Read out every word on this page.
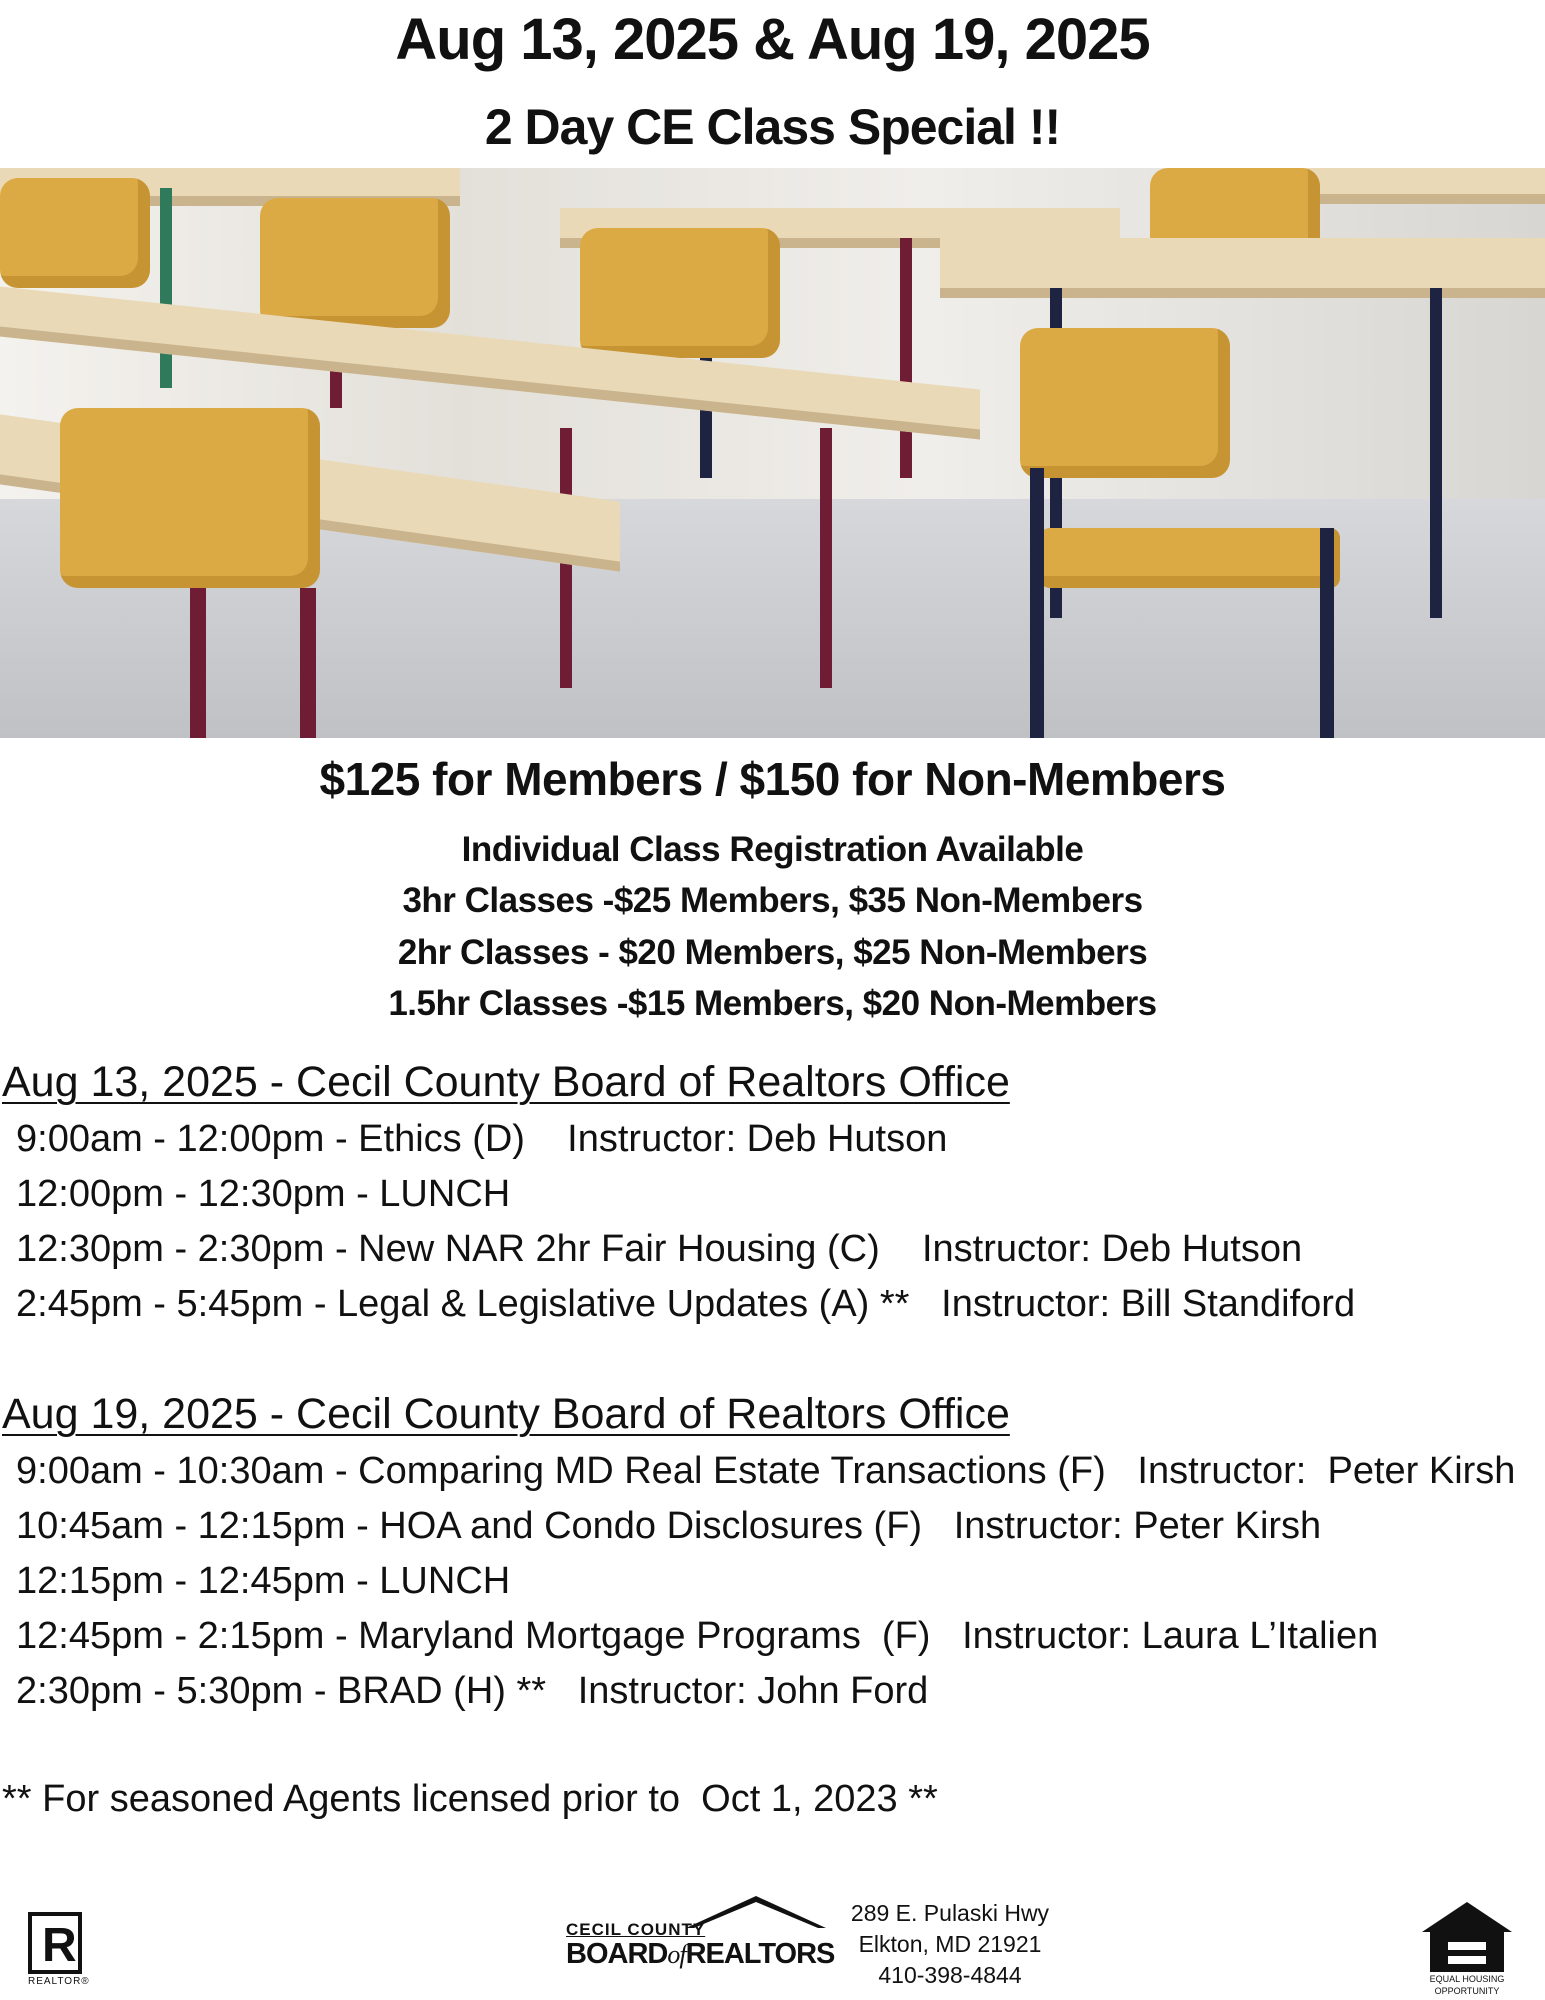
Aug 13, 2025 & Aug 19, 2025
2 Day CE Class Special !!
$125 for Members / $150 for Non-Members
Individual Class Registration Available
3hr Classes -$25 Members, $35 Non-Members
2hr Classes - $20 Members, $25 Non-Members
1.5hr Classes -$15 Members, $20 Non-Members
Aug 13, 2025 - Cecil County Board of Realtors Office
9:00am - 12:00pm - Ethics (D)    Instructor: Deb Hutson
12:00pm - 12:30pm - LUNCH
12:30pm - 2:30pm - New NAR 2hr Fair Housing (C)    Instructor: Deb Hutson
2:45pm - 5:45pm - Legal & Legislative Updates (A) **   Instructor: Bill Standiford
Aug 19, 2025 - Cecil County Board of Realtors Office
9:00am - 10:30am - Comparing MD Real Estate Transactions (F)   Instructor:  Peter Kirsh
10:45am - 12:15pm - HOA and Condo Disclosures (F)   Instructor: Peter Kirsh
12:15pm - 12:45pm - LUNCH
12:45pm - 2:15pm - Maryland Mortgage Programs  (F)   Instructor: Laura L’Italien
2:30pm - 5:30pm - BRAD (H) **   Instructor: John Ford
** For seasoned Agents licensed prior to  Oct 1, 2023 **
R
REALTOR®
CECIL COUNTY
BOARDofREALTORS
289 E. Pulaski Hwy
Elkton, MD 21921
410-398-4844	EQUAL HOUSING
OPPORTUNITY
